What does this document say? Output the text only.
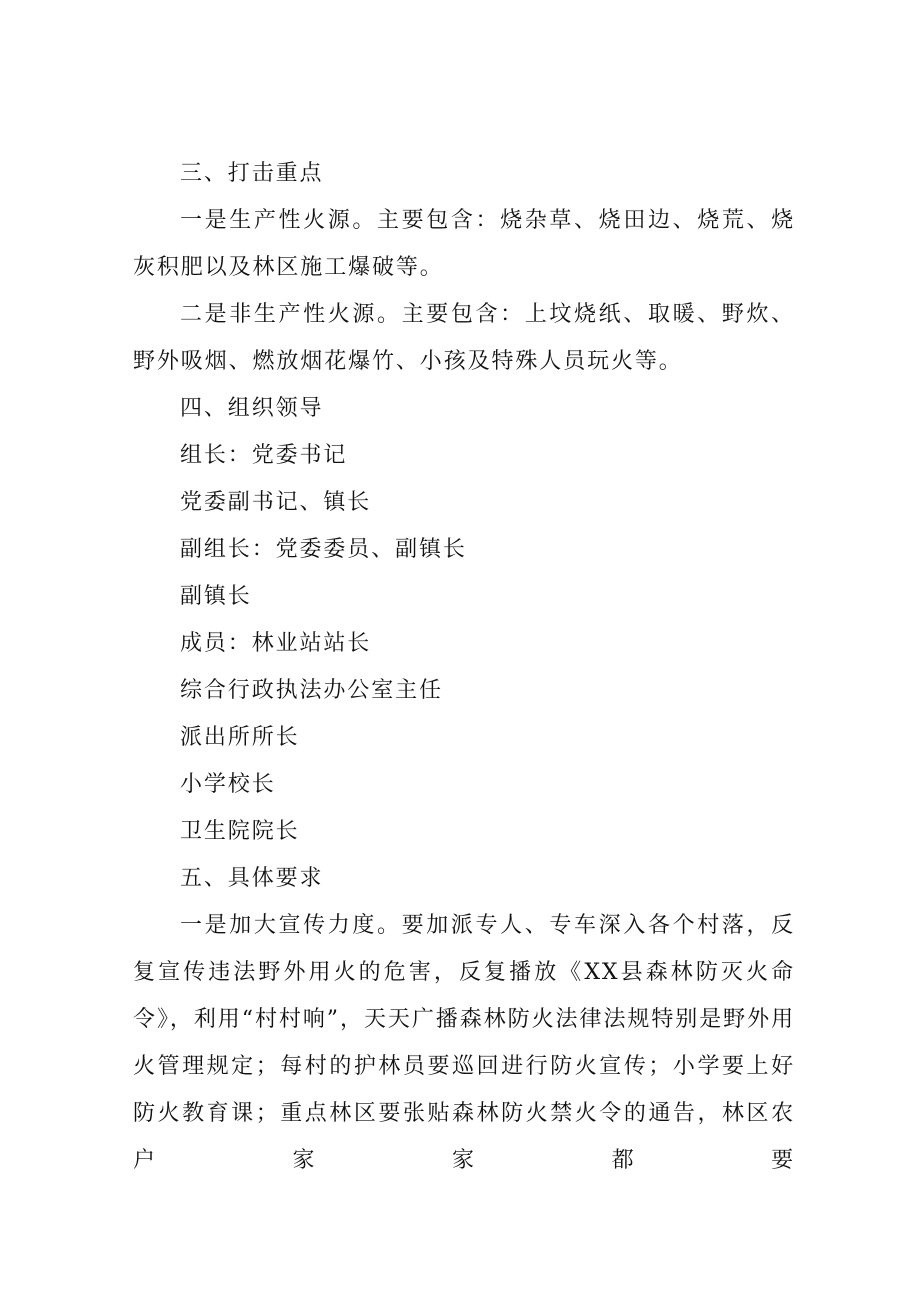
三、打击重点

一是生产性火源。主要包含：烧杂草、烧田边、烧荒、烧灰积肥以及林区施工爆破等。

二是非生产性火源。主要包含：上坟烧纸、取暖、野炊、野外吸烟、燃放烟花爆竹、小孩及特殊人员玩火等。

四、组织领导

组长：党委书记

党委副书记、镇长

副组长：党委委员、副镇长

副镇长

成员：林业站站长

综合行政执法办公室主任

派出所所长

小学校长

卫生院院长

五、具体要求

一是加大宣传力度。要加派专人、专车深入各个村落，反复宣传违法野外用火的危害，反复播放《XX县森林防灭火命令》，利用“村村响”，天天广播森林防火法律法规特别是野外用火管理规定；每村的护林员要巡回进行防火宣传；小学要上好防火教育课；重点林区要张贴森林防火禁火令的通告，林区农户家家都要
